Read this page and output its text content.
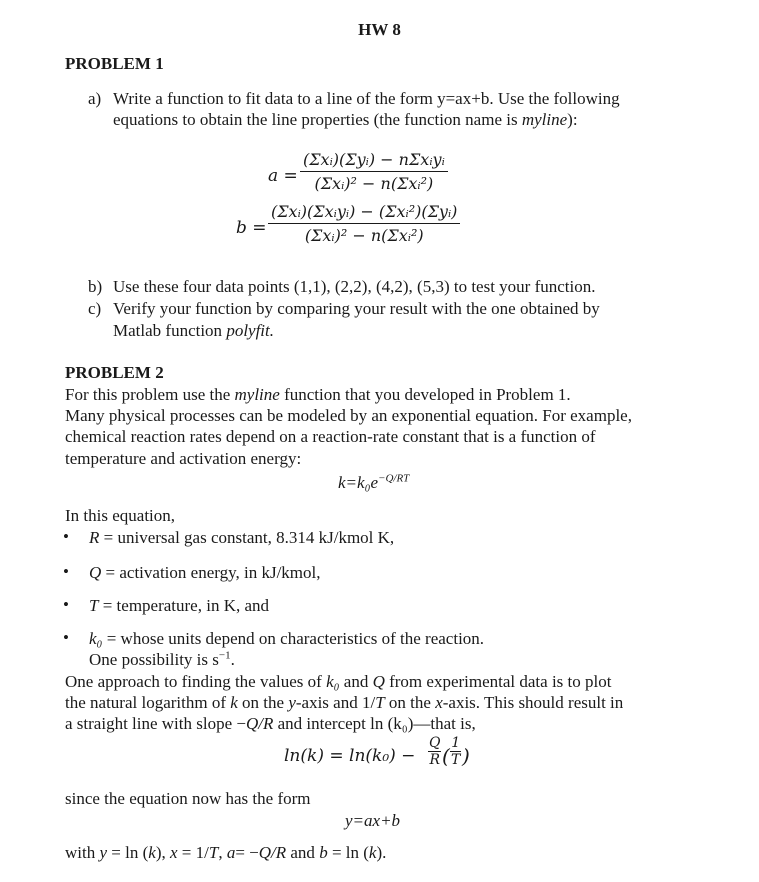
HW 8
PROBLEM 1
a) Write a function to fit data to a line of the form y=ax+b. Use the following
equations to obtain the line properties (the function name is myline):
a =
(Σxᵢ)(Σyᵢ) − nΣxᵢyᵢ
(Σxᵢ)² − n(Σxᵢ²)
b =
(Σxᵢ)(Σxᵢyᵢ) − (Σxᵢ²)(Σyᵢ)
(Σxᵢ)² − n(Σxᵢ²)
b) Use these four data points (1,1), (2,2), (4,2), (5,3) to test your function.
c) Verify your function by comparing your result with the one obtained by
Matlab function polyfit.
PROBLEM 2
For this problem use the myline function that you developed in Problem 1.
Many physical processes can be modeled by an exponential equation. For example,
chemical reaction rates depend on a reaction-rate constant that is a function of
temperature and activation energy:
$k=k_0e^{-Q/RT}$
In this equation,
• R = universal gas constant, 8.314 kJ/kmol K,
• Q = activation energy, in kJ/kmol,
• T = temperature, in K, and
• k₀ = whose units depend on characteristics of the reaction.
One possibility is $s^{-1}$.
One approach to finding the values of k₀ and Q from experimental data is to plot
the natural logarithm of k on the y-axis and 1/T on the x-axis. This should result in
a straight line with slope −Q/R and intercept ln (k₀)—that is,
$\ln(k) = \ln(k_0) - \frac{Q}{R}$ ( $\frac{1}{T}$ )
since the equation now has the form
y=ax+b
with y = ln (k), x = 1/T, a= −Q/R and b = ln (k).
